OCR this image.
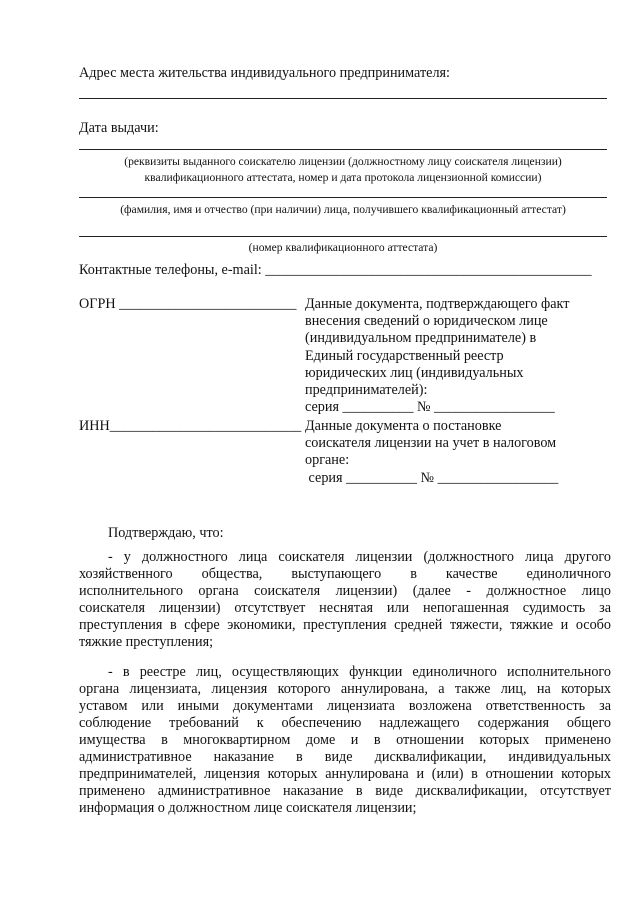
Адрес места жительства индивидуального предпринимателя:
Дата выдачи:
(реквизиты выданного соискателю лицензии (должностному лицу соискателя лицензии)
квалификационного аттестата, номер и дата протокола лицензионной комиссии)
(фамилия, имя и отчество (при наличии) лица, получившего квалификационный аттестат)
(номер квалификационного аттестата)
Контактные телефоны, e-mail: ______________________________________________
ОГРН _________________________ Данные документа, подтверждающего факт
внесения сведений о юридическом лице
(индивидуальном предпринимателе) в
Единый государственный реестр
юридических лиц (индивидуальных
предпринимателей):
серия __________ № _________________
ИНН___________________________ Данные документа о постановке
соискателя лицензии на учет в налоговом
органе:
серия __________ № _________________
Подтверждаю, что:
- у должностного лица соискателя лицензии (должностного лица другого
хозяйственного общества, выступающего в качестве единоличного
исполнительного органа соискателя лицензии) (далее - должностное лицо
соискателя лицензии) отсутствует неснятая или непогашенная судимость за
преступления в сфере экономики, преступления средней тяжести, тяжкие и особо
тяжкие преступления;
- в реестре лиц, осуществляющих функции единоличного исполнительного
органа лицензиата, лицензия которого аннулирована, а также лиц, на которых
уставом или иными документами лицензиата возложена ответственность за
соблюдение требований к обеспечению надлежащего содержания общего
имущества в многоквартирном доме и в отношении которых применено
административное наказание в виде дисквалификации, индивидуальных
предпринимателей, лицензия которых аннулирована и (или) в отношении которых
применено административное наказание в виде дисквалификации, отсутствует
информация о должностном лице соискателя лицензии;
